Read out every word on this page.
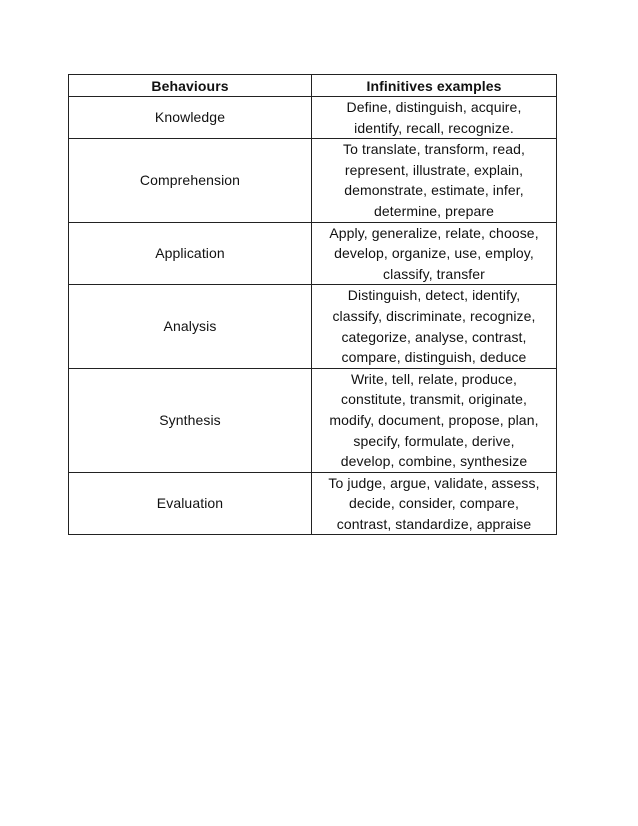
Behaviours	Infinitives examples
Knowledge	Define, distinguish, acquire,
identify, recall, recognize.

Comprehension	To translate, transform, read,
represent, illustrate, explain,
demonstrate, estimate, infer,
determine, prepare

Application	Apply, generalize, relate, choose,
develop, organize, use, employ,
classify, transfer

Analysis	Distinguish, detect, identify,
classify, discriminate, recognize,
categorize, analyse, contrast,
compare, distinguish, deduce

Synthesis	Write, tell, relate, produce,
constitute, transmit, originate,
modify, document, propose, plan,
specify, formulate, derive,
develop, combine, synthesize

Evaluation	To judge, argue, validate, assess,
decide, consider, compare,
contrast, standardize, appraise
